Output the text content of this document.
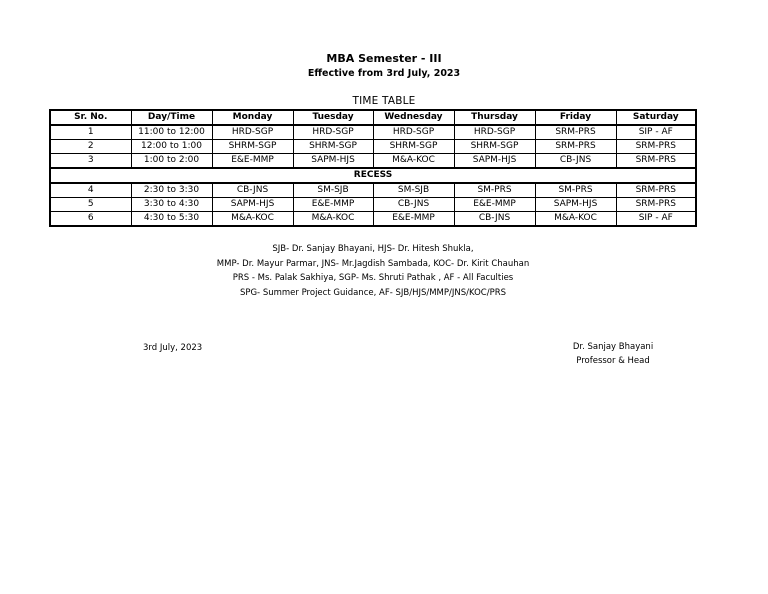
MBA Semester - III
Effective from 3rd July, 2023
TIME TABLE
Sr. No.	Day/Time	Monday	Tuesday	Wednesday	Thursday	Friday	Saturday
1	11:00 to 12:00	HRD-SGP	HRD-SGP	HRD-SGP	HRD-SGP	SRM-PRS	SIP - AF
2	12:00 to 1:00	SHRM-SGP	SHRM-SGP	SHRM-SGP	SHRM-SGP	SRM-PRS	SRM-PRS
3	1:00 to 2:00	E&E-MMP	SAPM-HJS	M&A-KOC	SAPM-HJS	CB-JNS	SRM-PRS
RECESS							
4	2:30 to 3:30	CB-JNS	SM-SJB	SM-SJB	SM-PRS	SM-PRS	SRM-PRS
5	3:30 to 4:30	SAPM-HJS	E&E-MMP	CB-JNS	E&E-MMP	SAPM-HJS	SRM-PRS
6	4:30 to 5:30	M&A-KOC	M&A-KOC	E&E-MMP	CB-JNS	M&A-KOC	SIP - AF
SJB- Dr. Sanjay Bhayani, HJS- Dr. Hitesh Shukla,
MMP- Dr. Mayur Parmar, JNS- Mr.Jagdish Sambada, KOC- Dr. Kirit Chauhan
PRS - Ms. Palak Sakhiya, SGP- Ms. Shruti Pathak , AF - All Faculties
SPG- Summer Project Guidance, AF- SJB/HJS/MMP/JNS/KOC/PRS
3rd July, 2023	Dr. Sanjay Bhayani
Professor & Head
